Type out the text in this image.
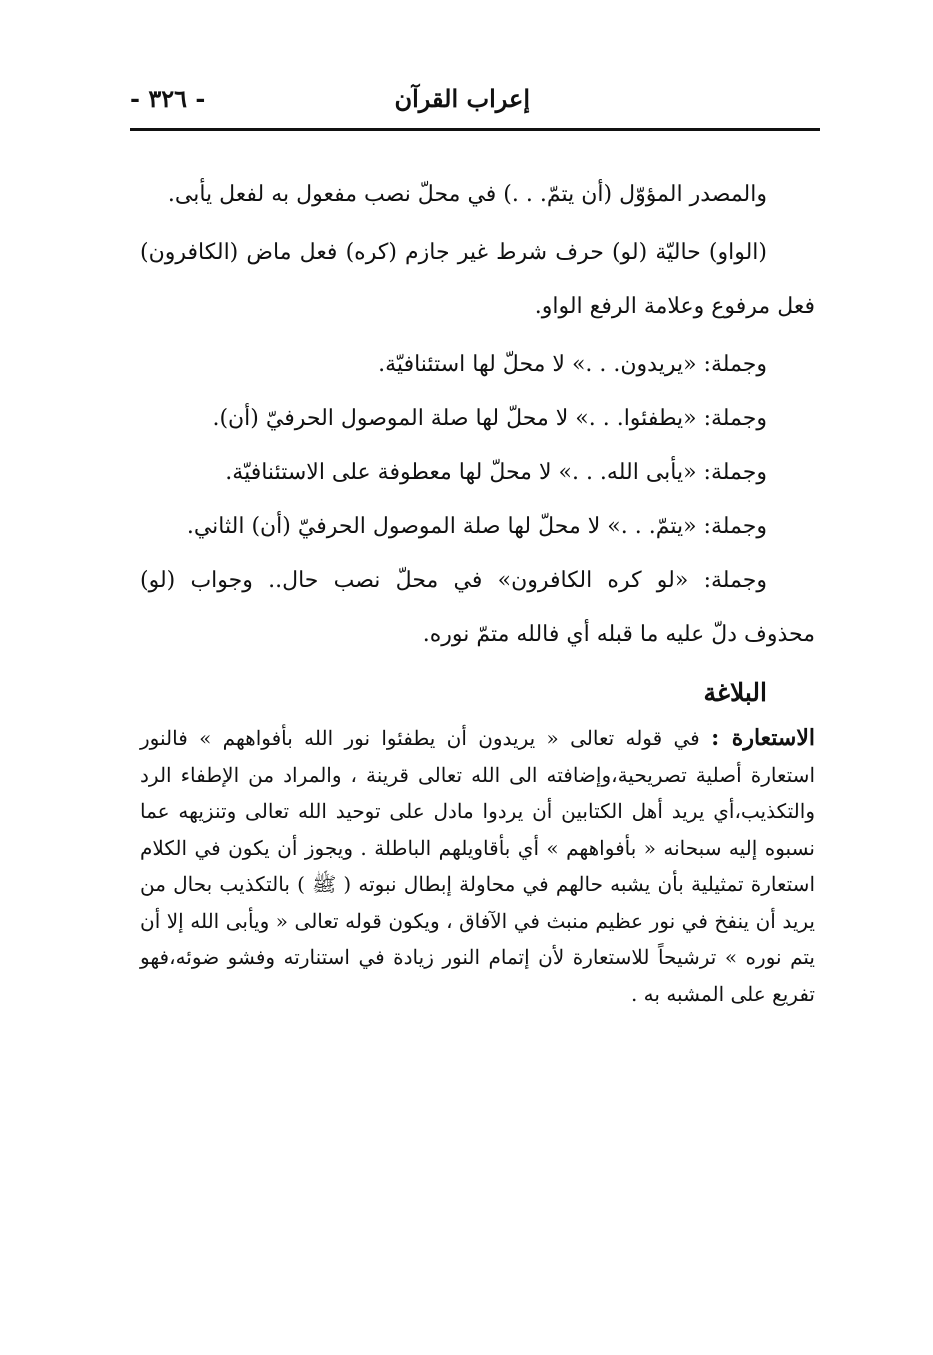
إعراب القرآن
- ٣٢٦ -

والمصدر المؤوّل (أن يتمّ. . .) في محلّ نصب مفعول به لفعل يأبى.

(الواو) حاليّة (لو) حرف شرط غير جازم (كره) فعل ماض (الكافرون) فعل مرفوع وعلامة الرفع الواو.

وجملة: «يريدون. . .» لا محلّ لها استئنافيّة.

وجملة: «يطفئوا. . .» لا محلّ لها صلة الموصول الحرفيّ (أن).

وجملة: «يأبى الله. . .» لا محلّ لها معطوفة على الاستئنافيّة.

وجملة: «يتمّ. . .» لا محلّ لها صلة الموصول الحرفيّ (أن) الثاني.

وجملة: «لو كره الكافرون» في محلّ نصب حال.. وجواب (لو) محذوف دلّ عليه ما قبله أي فالله متمّ نوره.

البلاغة

الاستعارة : في قوله تعالى « يريدون أن يطفئوا نور الله بأفواههم » فالنور استعارة أصلية تصريحية،وإضافته الى الله تعالى قرينة ، والمراد من الإطفاء الرد والتكذيب،أي يريد أهل الكتابين أن يردوا مادل على توحيد الله تعالى وتنزيهه عما نسبوه إليه سبحانه « بأفواههم » أي بأقاويلهم الباطلة . ويجوز أن يكون في الكلام استعارة تمثيلية بأن يشبه حالهم في محاولة إبطال نبوته ( ﷺ ) بالتكذيب بحال من يريد أن ينفخ في نور عظيم منبث في الآفاق ، ويكون قوله تعالى « ويأبى الله إلا أن يتم نوره » ترشيحاً للاستعارة لأن إتمام النور زيادة في استنارته وفشو ضوئه،فهو تفريع على المشبه به .
